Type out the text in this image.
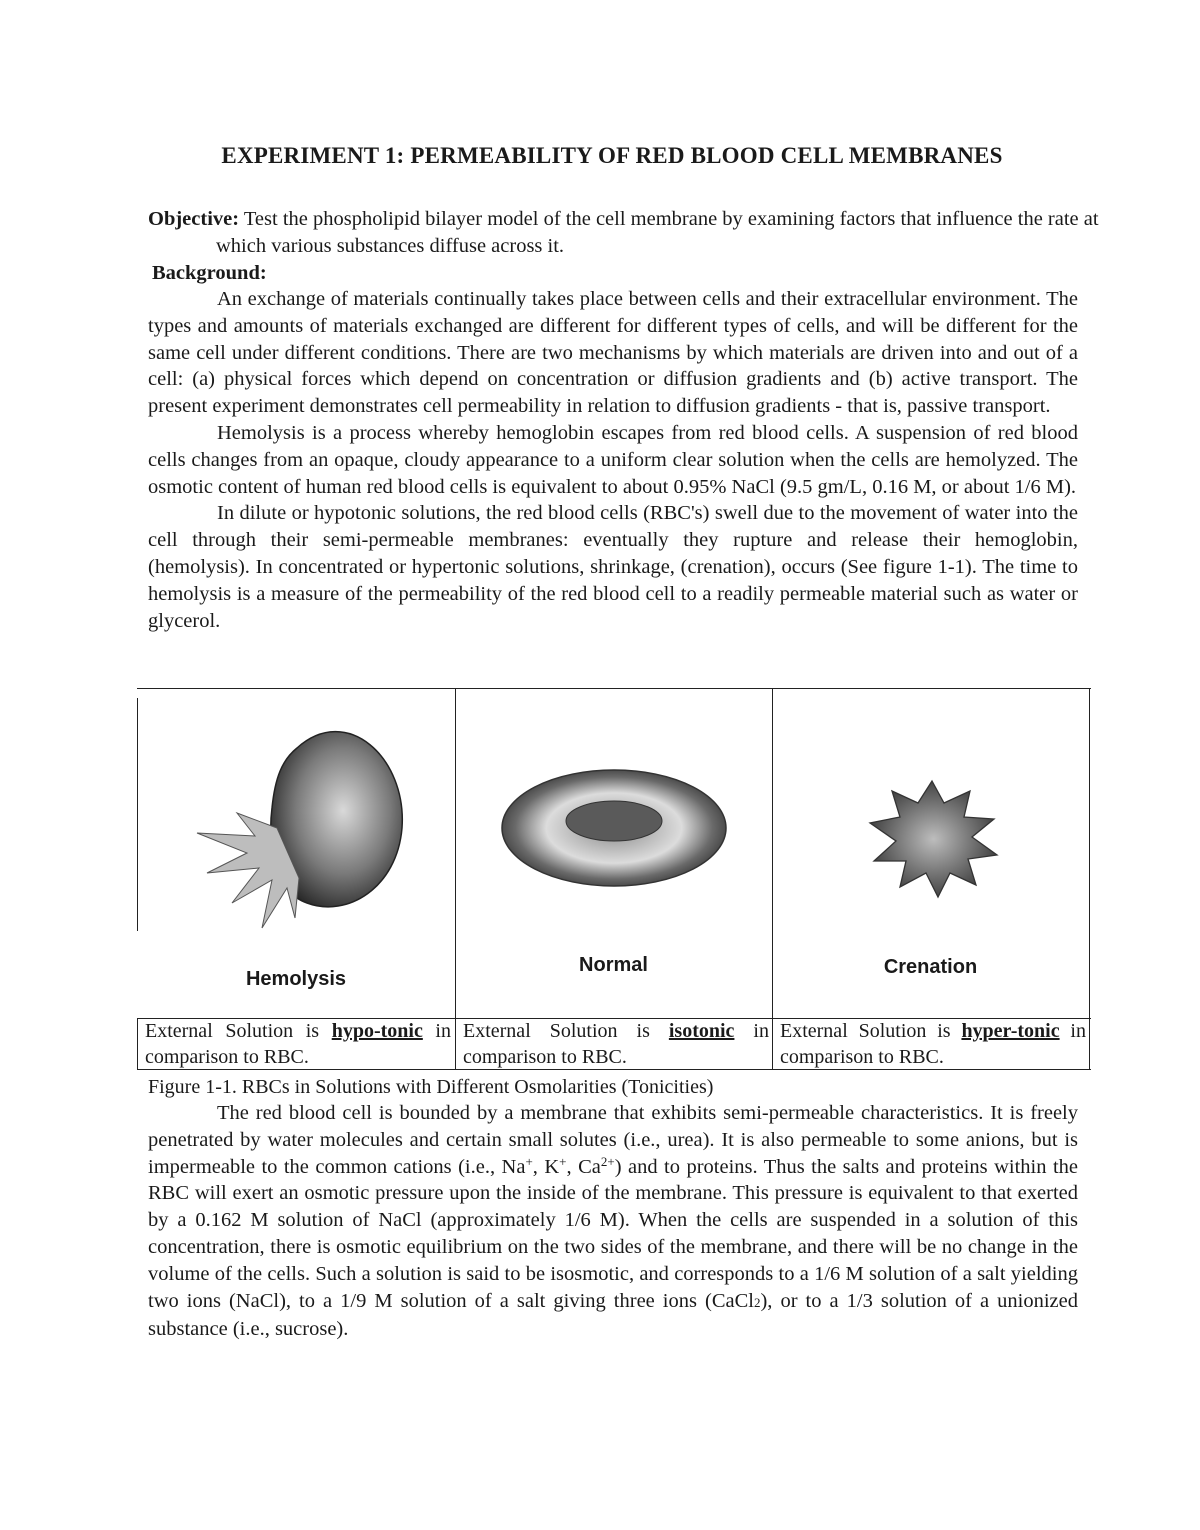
EXPERIMENT 1: PERMEABILITY OF RED BLOOD CELL MEMBRANES

Objective: Test the phospholipid bilayer model of the cell membrane by examining factors that influence the rate at which various substances diffuse across it.

Background:

An exchange of materials continually takes place between cells and their extracellular environment. The types and amounts of materials exchanged are different for different types of cells, and will be different for the same cell under different conditions. There are two mechanisms by which materials are driven into and out of a cell: (a) physical forces which depend on concentration or diffusion gradients and (b) active transport. The present experiment demonstrates cell permeability in relation to diffusion gradients - that is, passive transport.

Hemolysis is a process whereby hemoglobin escapes from red blood cells. A suspension of red blood cells changes from an opaque, cloudy appearance to a uniform clear solution when the cells are hemolyzed. The osmotic content of human red blood cells is equivalent to about 0.95% NaCl (9.5 gm/L, 0.16 M, or about 1/6 M).

In dilute or hypotonic solutions, the red blood cells (RBC's) swell due to the movement of water into the cell through their semi-permeable membranes: eventually they rupture and release their hemoglobin, (hemolysis). In concentrated or hypertonic solutions, shrinkage, (crenation), occurs (See figure 1-1). The time to hemolysis is a measure of the permeability of the red blood cell to a readily permeable material such as water or glycerol.

Hemolysis
Normal	Crenation

External Solution is hypo-tonic in comparison to RBC.

External Solution is isotonic in comparison to RBC.

External Solution is hyper-tonic in comparison to RBC.

Figure 1-1. RBCs in Solutions with Different Osmolarities (Tonicities)

The red blood cell is bounded by a membrane that exhibits semi-permeable characteristics. It is freely penetrated by water molecules and certain small solutes (i.e., urea). It is also permeable to some anions, but is impermeable to the common cations (i.e., Na+, K+, $Ca^{2+}$) and to proteins. Thus the salts and proteins within the RBC will exert an osmotic pressure upon the inside of the membrane. This pressure is equivalent to that exerted by a 0.162 M solution of NaCl (approximately 1/6 M). When the cells are suspended in a solution of this concentration, there is osmotic equilibrium on the two sides of the membrane, and there will be no change in the volume of the cells. Such a solution is said to be isosmotic, and corresponds to a 1/6 M solution of a salt yielding two ions (NaCl), to a 1/9 M solution of a salt giving three ions (CaCl2), or to a 1/3 solution of a unionized substance (i.e., sucrose).
